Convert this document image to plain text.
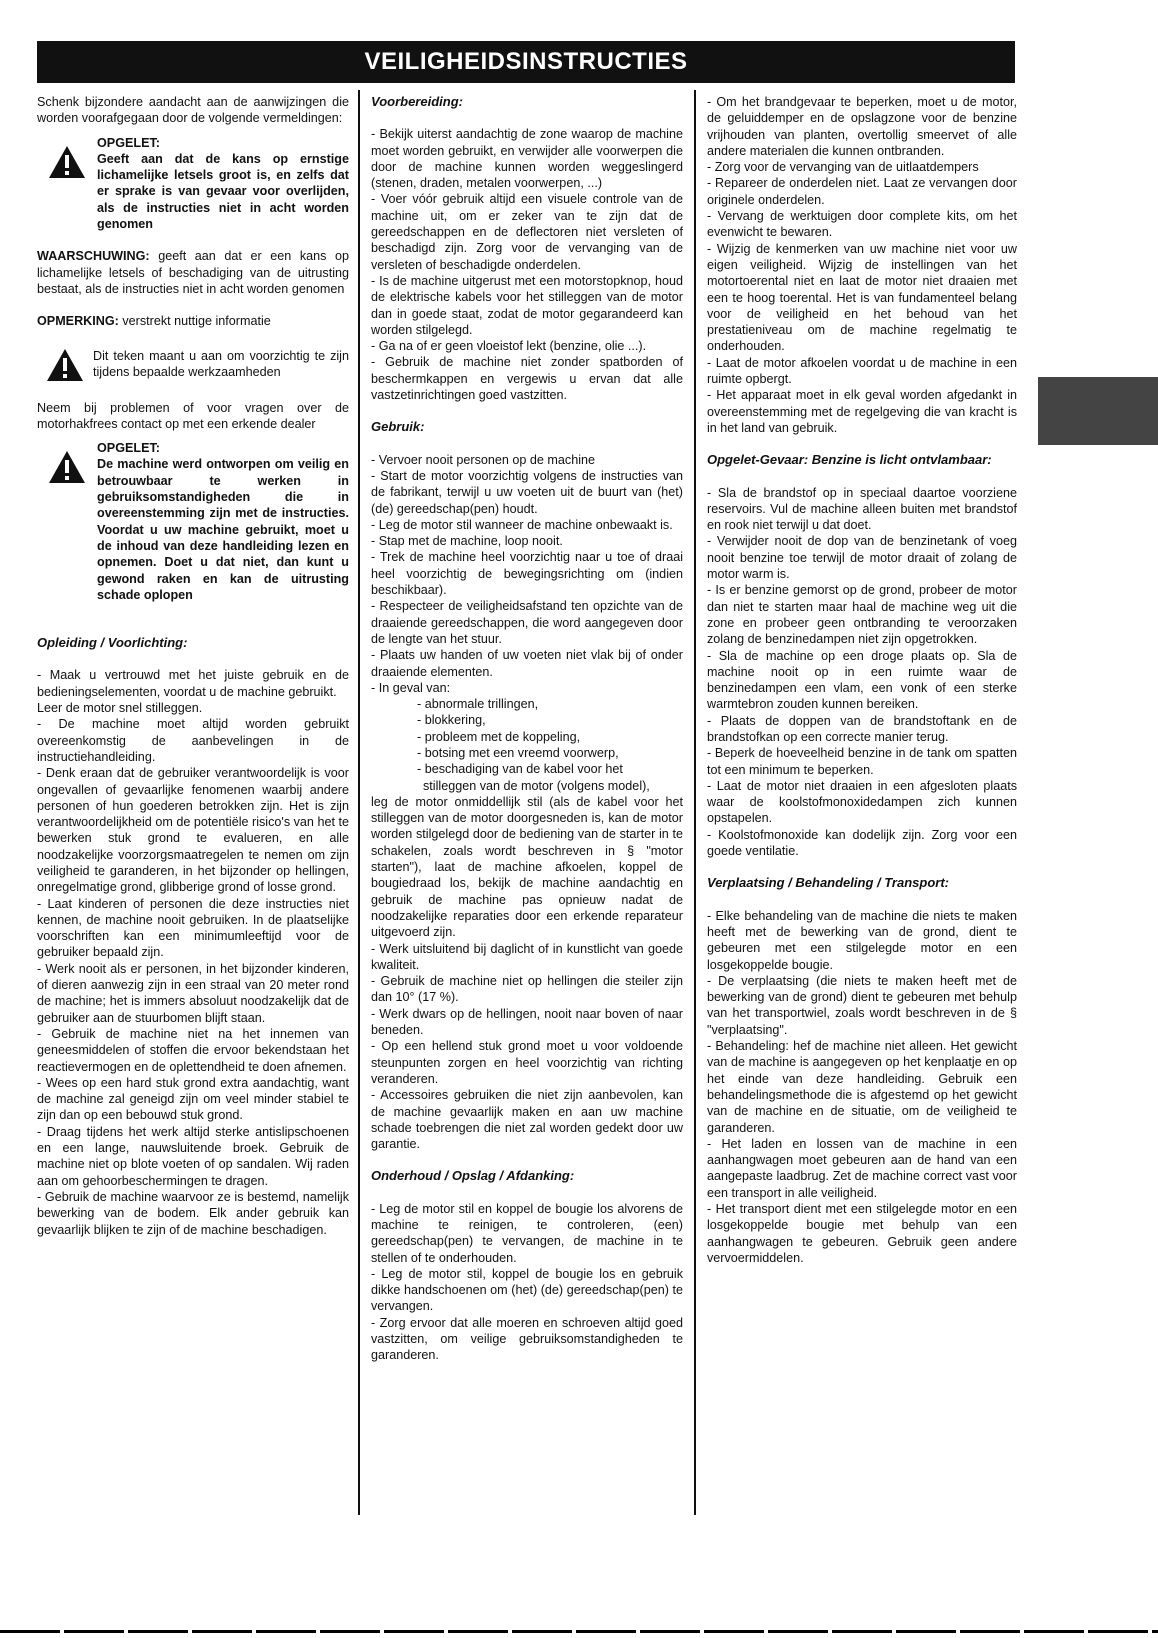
VEILIGHEIDSINSTRUCTIES

Schenk bijzondere aandacht aan de aanwijzingen die worden voorafgegaan door de volgende vermeldingen:

OPGELET:

Geeft aan dat de kans op ernstige lichamelijke letsels groot is, en zelfs dat er sprake is van gevaar voor overlijden, als de instructies niet in acht worden genomen

WAARSCHUWING: geeft aan dat er een kans op lichamelijke letsels of beschadiging van de uitrusting bestaat, als de instructies niet in acht worden genomen

OPMERKING: verstrekt nuttige informatie

Dit teken maant u aan om voorzichtig te zijn tijdens bepaalde werkzaamheden

Neem bij problemen of voor vragen over de motorhakfrees contact op met een erkende dealer

OPGELET:

De machine werd ontworpen om veilig en betrouwbaar te werken in gebruiksomstandigheden die in overeenstemming zijn met de instructies. Voordat u uw machine gebruikt, moet u de inhoud van deze handleiding lezen en opnemen. Doet u dat niet, dan kunt u gewond raken en kan de uitrusting schade oplopen

Opleiding / Voorlichting:

- Maak u vertrouwd met het juiste gebruik en de bedieningselementen, voordat u de machine gebruikt.

Leer de motor snel stilleggen.

- De machine moet altijd worden gebruikt overeenkomstig de aanbevelingen in de instructiehandleiding.

- Denk eraan dat de gebruiker verantwoordelijk is voor ongevallen of gevaarlijke fenomenen waarbij andere personen of hun goederen betrokken zijn. Het is zijn verantwoordelijkheid om de potentiële risico's van het te bewerken stuk grond te evalueren, en alle noodzakelijke voorzorgsmaatregelen te nemen om zijn veiligheid te garanderen, in het bijzonder op hellingen, onregelmatige grond, glibberige grond of losse grond.

- Laat kinderen of personen die deze instructies niet kennen, de machine nooit gebruiken. In de plaatselijke voorschriften kan een minimumleeftijd voor de gebruiker bepaald zijn.

- Werk nooit als er personen, in het bijzonder kinderen, of dieren aanwezig zijn in een straal van 20 meter rond de machine; het is immers absoluut noodzakelijk dat de gebruiker aan de stuurbomen blijft staan.

- Gebruik de machine niet na het innemen van geneesmiddelen of stoffen die ervoor bekendstaan het reactievermogen en de oplettendheid te doen afnemen.

- Wees op een hard stuk grond extra aandachtig, want de machine zal geneigd zijn om veel minder stabiel te zijn dan op een bebouwd stuk grond.

- Draag tijdens het werk altijd sterke antislipschoenen en een lange, nauwsluitende broek. Gebruik de machine niet op blote voeten of op sandalen. Wij raden aan om gehoorbeschermingen te dragen.

- Gebruik de machine waarvoor ze is bestemd, namelijk bewerking van de bodem. Elk ander gebruik kan gevaarlijk blijken te zijn of de machine beschadigen.

Voorbereiding:

- Bekijk uiterst aandachtig de zone waarop de machine moet worden gebruikt, en verwijder alle voorwerpen die door de machine kunnen worden weggeslingerd (stenen, draden, metalen voorwerpen, ...)

- Voer vóór gebruik altijd een visuele controle van de machine uit, om er zeker van te zijn dat de gereedschappen en de deflectoren niet versleten of beschadigd zijn. Zorg voor de vervanging van de versleten of beschadigde onderdelen.

- Is de machine uitgerust met een motorstopknop, houd de elektrische kabels voor het stilleggen van de motor dan in goede staat, zodat de motor gegarandeerd kan worden stilgelegd.

- Ga na of er geen vloeistof lekt (benzine, olie ...).

- Gebruik de machine niet zonder spatborden of beschermkappen en vergewis u ervan dat alle vastzetinrichtingen goed vastzitten.

Gebruik:

- Vervoer nooit personen op de machine

- Start de motor voorzichtig volgens de instructies van de fabrikant, terwijl u uw voeten uit de buurt van (het) (de) gereedschap(pen) houdt.

- Leg de motor stil wanneer de machine onbewaakt is.

- Stap met de machine, loop nooit.

- Trek de machine heel voorzichtig naar u toe of draai heel voorzichtig de bewegingsrichting om (indien beschikbaar).

- Respecteer de veiligheidsafstand ten opzichte van de draaiende gereedschappen, die word aangegeven door de lengte van het stuur.

- Plaats uw handen of uw voeten niet vlak bij of onder draaiende elementen.

- In geval van:

- abnormale trillingen,

- blokkering,

- probleem met de koppeling,

- botsing met een vreemd voorwerp,

- beschadiging van de kabel voor het

stilleggen van de motor (volgens model),

leg de motor onmiddellijk stil (als de kabel voor het stilleggen van de motor doorgesneden is, kan de motor worden stilgelegd door de bediening van de starter in te schakelen, zoals wordt beschreven in § "motor starten"), laat de machine afkoelen, koppel de bougiedraad los, bekijk de machine aandachtig en gebruik de machine pas opnieuw nadat de noodzakelijke reparaties door een erkende reparateur uitgevoerd zijn.

- Werk uitsluitend bij daglicht of in kunstlicht van goede kwaliteit.

- Gebruik de machine niet op hellingen die steiler zijn dan 10° (17 %).

- Werk dwars op de hellingen, nooit naar boven of naar beneden.

- Op een hellend stuk grond moet u voor voldoende steunpunten zorgen en heel voorzichtig van richting veranderen.

- Accessoires gebruiken die niet zijn aanbevolen, kan de machine gevaarlijk maken en aan uw machine schade toebrengen die niet zal worden gedekt door uw garantie.

Onderhoud / Opslag / Afdanking:

- Leg de motor stil en koppel de bougie los alvorens de machine te reinigen, te controleren, (een) gereedschap(pen) te vervangen, de machine in te stellen of te onderhouden.

- Leg de motor stil, koppel de bougie los en gebruik dikke handschoenen om (het) (de) gereedschap(pen) te vervangen.

- Zorg ervoor dat alle moeren en schroeven altijd goed vastzitten, om veilige gebruiksomstandigheden te garanderen.

- Om het brandgevaar te beperken, moet u de motor, de geluiddemper en de opslagzone voor de benzine vrijhouden van planten, overtollig smeervet of alle andere materialen die kunnen ontbranden.

- Zorg voor de vervanging van de uitlaatdempers

- Repareer de onderdelen niet. Laat ze vervangen door originele onderdelen.

- Vervang de werktuigen door complete kits, om het evenwicht te bewaren.

- Wijzig de kenmerken van uw machine niet voor uw eigen veiligheid. Wijzig de instellingen van het motortoerental niet en laat de motor niet draaien met een te hoog toerental. Het is van fundamenteel belang voor de veiligheid en het behoud van het prestatieniveau om de machine regelmatig te onderhouden.

- Laat de motor afkoelen voordat u de machine in een ruimte opbergt.

- Het apparaat moet in elk geval worden afgedankt in overeenstemming met de regelgeving die van kracht is in het land van gebruik.

Opgelet-Gevaar: Benzine is licht ontvlambaar:

- Sla de brandstof op in speciaal daartoe voorziene reservoirs. Vul de machine alleen buiten met brandstof en rook niet terwijl u dat doet.

- Verwijder nooit de dop van de benzinetank of voeg nooit benzine toe terwijl de motor draait of zolang de motor warm is.

- Is er benzine gemorst op de grond, probeer de motor dan niet te starten maar haal de machine weg uit die zone en probeer geen ontbranding te veroorzaken zolang de benzinedampen niet zijn opgetrokken.

- Sla de machine op een droge plaats op. Sla de machine nooit op in een ruimte waar de benzinedampen een vlam, een vonk of een sterke warmtebron zouden kunnen bereiken.

- Plaats de doppen van de brandstoftank en de brandstofkan op een correcte manier terug.

- Beperk de hoeveelheid benzine in de tank om spatten tot een minimum te beperken.

- Laat de motor niet draaien in een afgesloten plaats waar de koolstofmonoxidedampen zich kunnen opstapelen.

- Koolstofmonoxide kan dodelijk zijn. Zorg voor een goede ventilatie.

Verplaatsing / Behandeling / Transport:

- Elke behandeling van de machine die niets te maken heeft met de bewerking van de grond, dient te gebeuren met een stilgelegde motor en een losgekoppelde bougie.

- De verplaatsing (die niets te maken heeft met de bewerking van de grond) dient te gebeuren met behulp van het transportwiel, zoals wordt beschreven in de § "verplaatsing".

- Behandeling: hef de machine niet alleen. Het gewicht van de machine is aangegeven op het kenplaatje en op het einde van deze handleiding. Gebruik een behandelingsmethode die is afgestemd op het gewicht van de machine en de situatie, om de veiligheid te garanderen.

- Het laden en lossen van de machine in een aanhangwagen moet gebeuren aan de hand van een aangepaste laadbrug. Zet de machine correct vast voor een transport in alle veiligheid.

- Het transport dient met een stilgelegde motor en een losgekoppelde bougie met behulp van een aanhangwagen te gebeuren. Gebruik geen andere vervoermiddelen.
